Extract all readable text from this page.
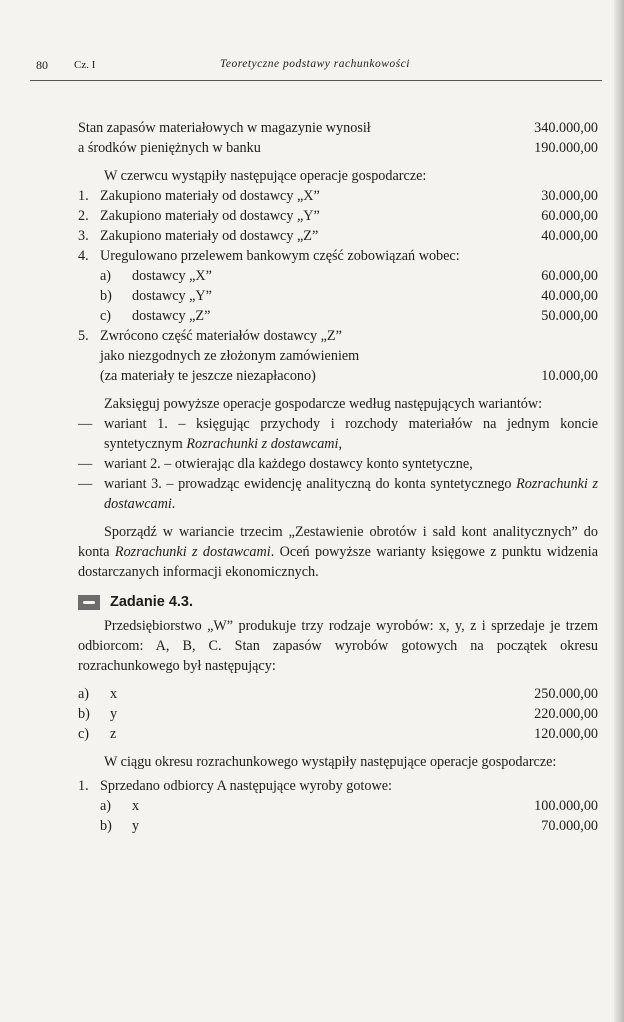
80 Cz. I	Teoretyczne podstawy rachunkowości
Stan zapasów materiałowych w magazynie wynosił	340.000,00
a środków pieniężnych w banku	190.000,00
W czerwcu wystąpiły następujące operacje gospodarcze:
1. Zakupiono materiały od dostawcy „X”	30.000,00
2. Zakupiono materiały od dostawcy „Y”	60.000,00
3. Zakupiono materiały od dostawcy „Z”	40.000,00
4. Uregulowano przelewem bankowym część zobowiązań wobec:
a)	dostawcy „X”	60.000,00
b)	dostawcy „Y”	40.000,00
c)	dostawcy „Z”	50.000,00
5. Zwrócono część materiałów dostawcy „Z”
jako niezgodnych ze złożonym zamówieniem
(za materiały te jeszcze niezapłacono)	10.000,00
Zaksięguj powyższe operacje gospodarcze według następujących wariantów:
— wariant 1. – księgując przychody i rozchody materiałów na jednym koncie syntetycznym Rozrachunki z dostawcami,
— wariant 2. – otwierając dla każdego dostawcy konto syntetyczne,
— wariant 3. – prowadząc ewidencję analityczną do konta syntetycznego Rozrachunki z dostawcami.
Sporządź w wariancie trzecim „Zestawienie obrotów i sald kont analitycznych” do konta Rozrachunki z dostawcami. Oceń powyższe warianty księgowe z punktu widzenia dostarczanych informacji ekonomicznych.
Zadanie 4.3.
Przedsiębiorstwo „W” produkuje trzy rodzaje wyrobów: x, y, z i sprzedaje je trzem odbiorcom: A, B, C. Stan zapasów wyrobów gotowych na początek okresu rozrachunkowego był następujący:
a)	x	250.000,00
b)	y	220.000,00
c)	z	120.000,00
W ciągu okresu rozrachunkowego wystąpiły następujące operacje gospodarcze:
1. Sprzedano odbiorcy A następujące wyroby gotowe:
a)	x	100.000,00
b)	y	70.000,00
